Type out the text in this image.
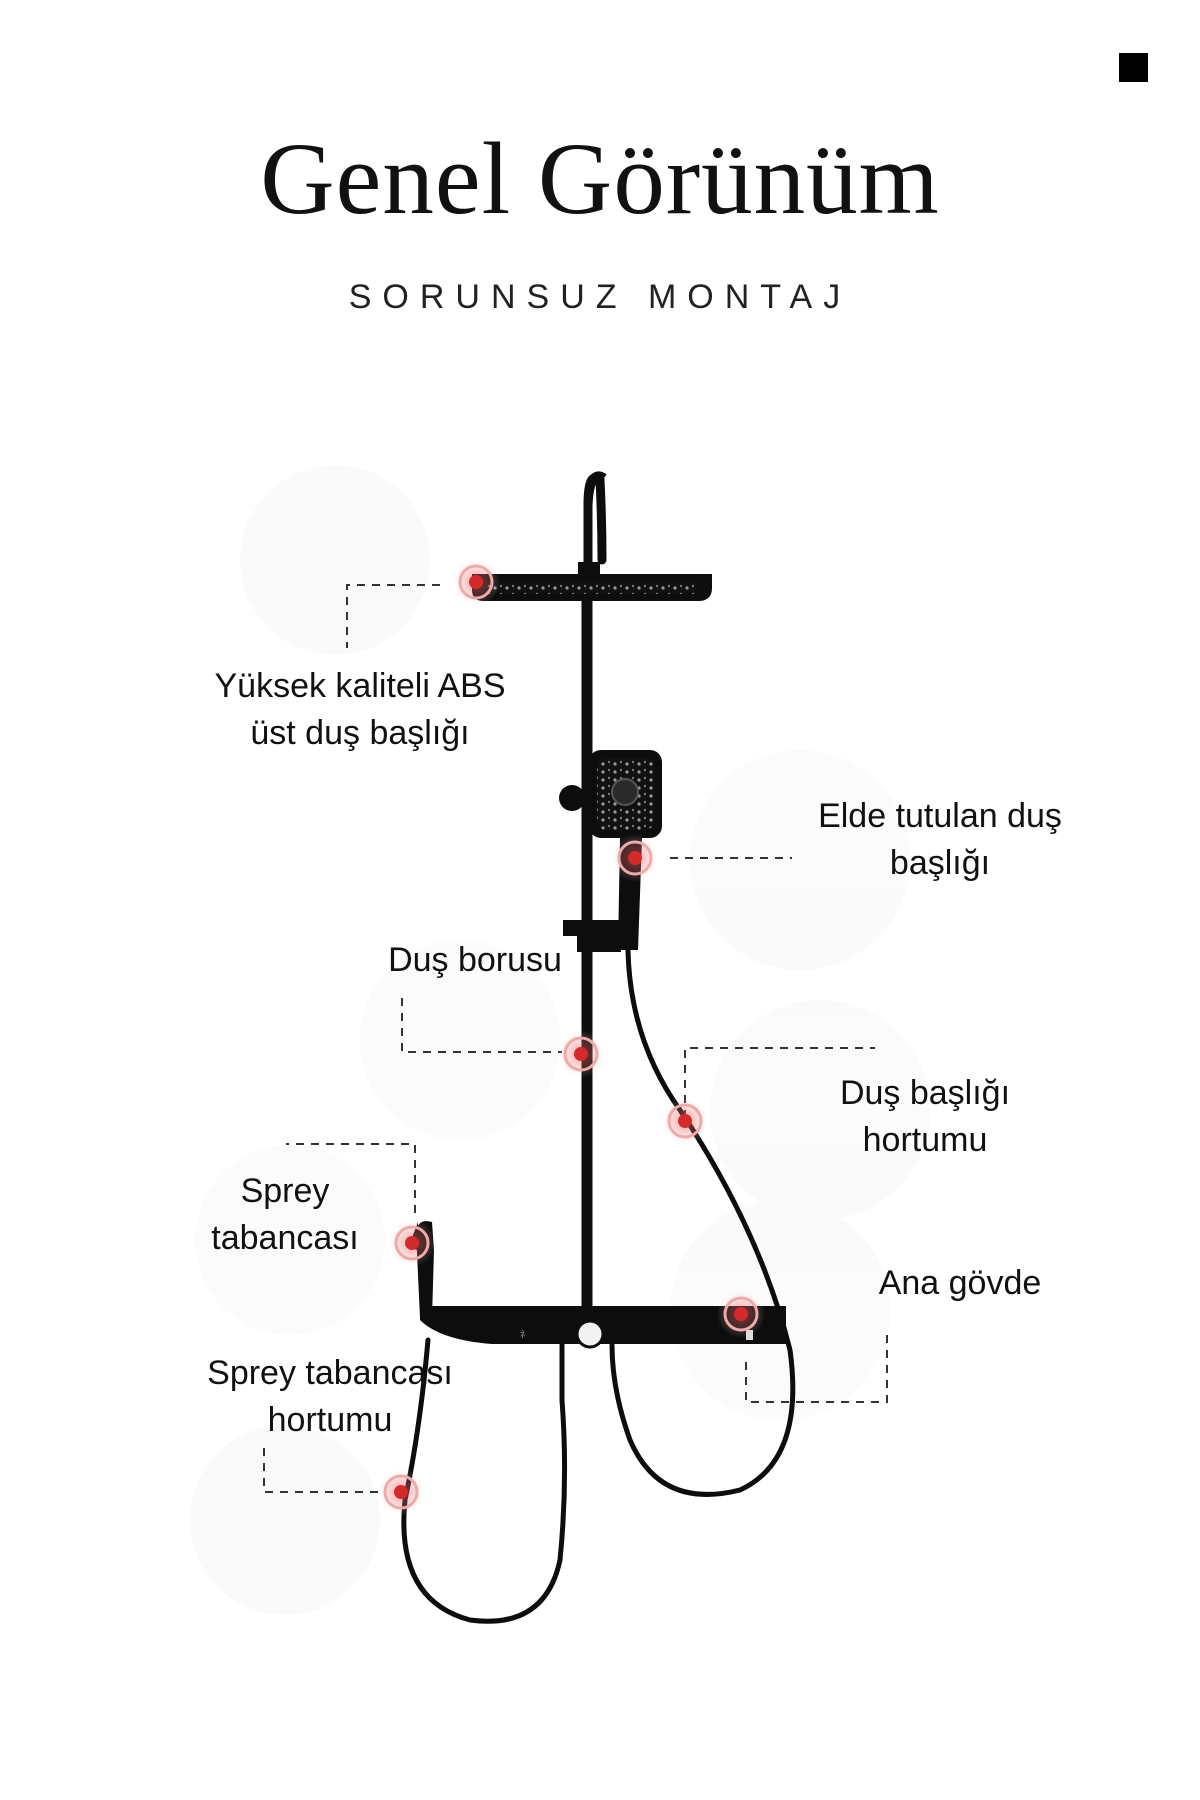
Genel Görünüm
SORUNSUZ MONTAJ
ﾈ
Yüksek kaliteli ABS
üst duş başlığı
Elde tutulan duş
başlığı
Duş borusu
Duş başlığı
hortumu
Sprey
tabancası
Ana gövde
Sprey tabancası
hortumu
